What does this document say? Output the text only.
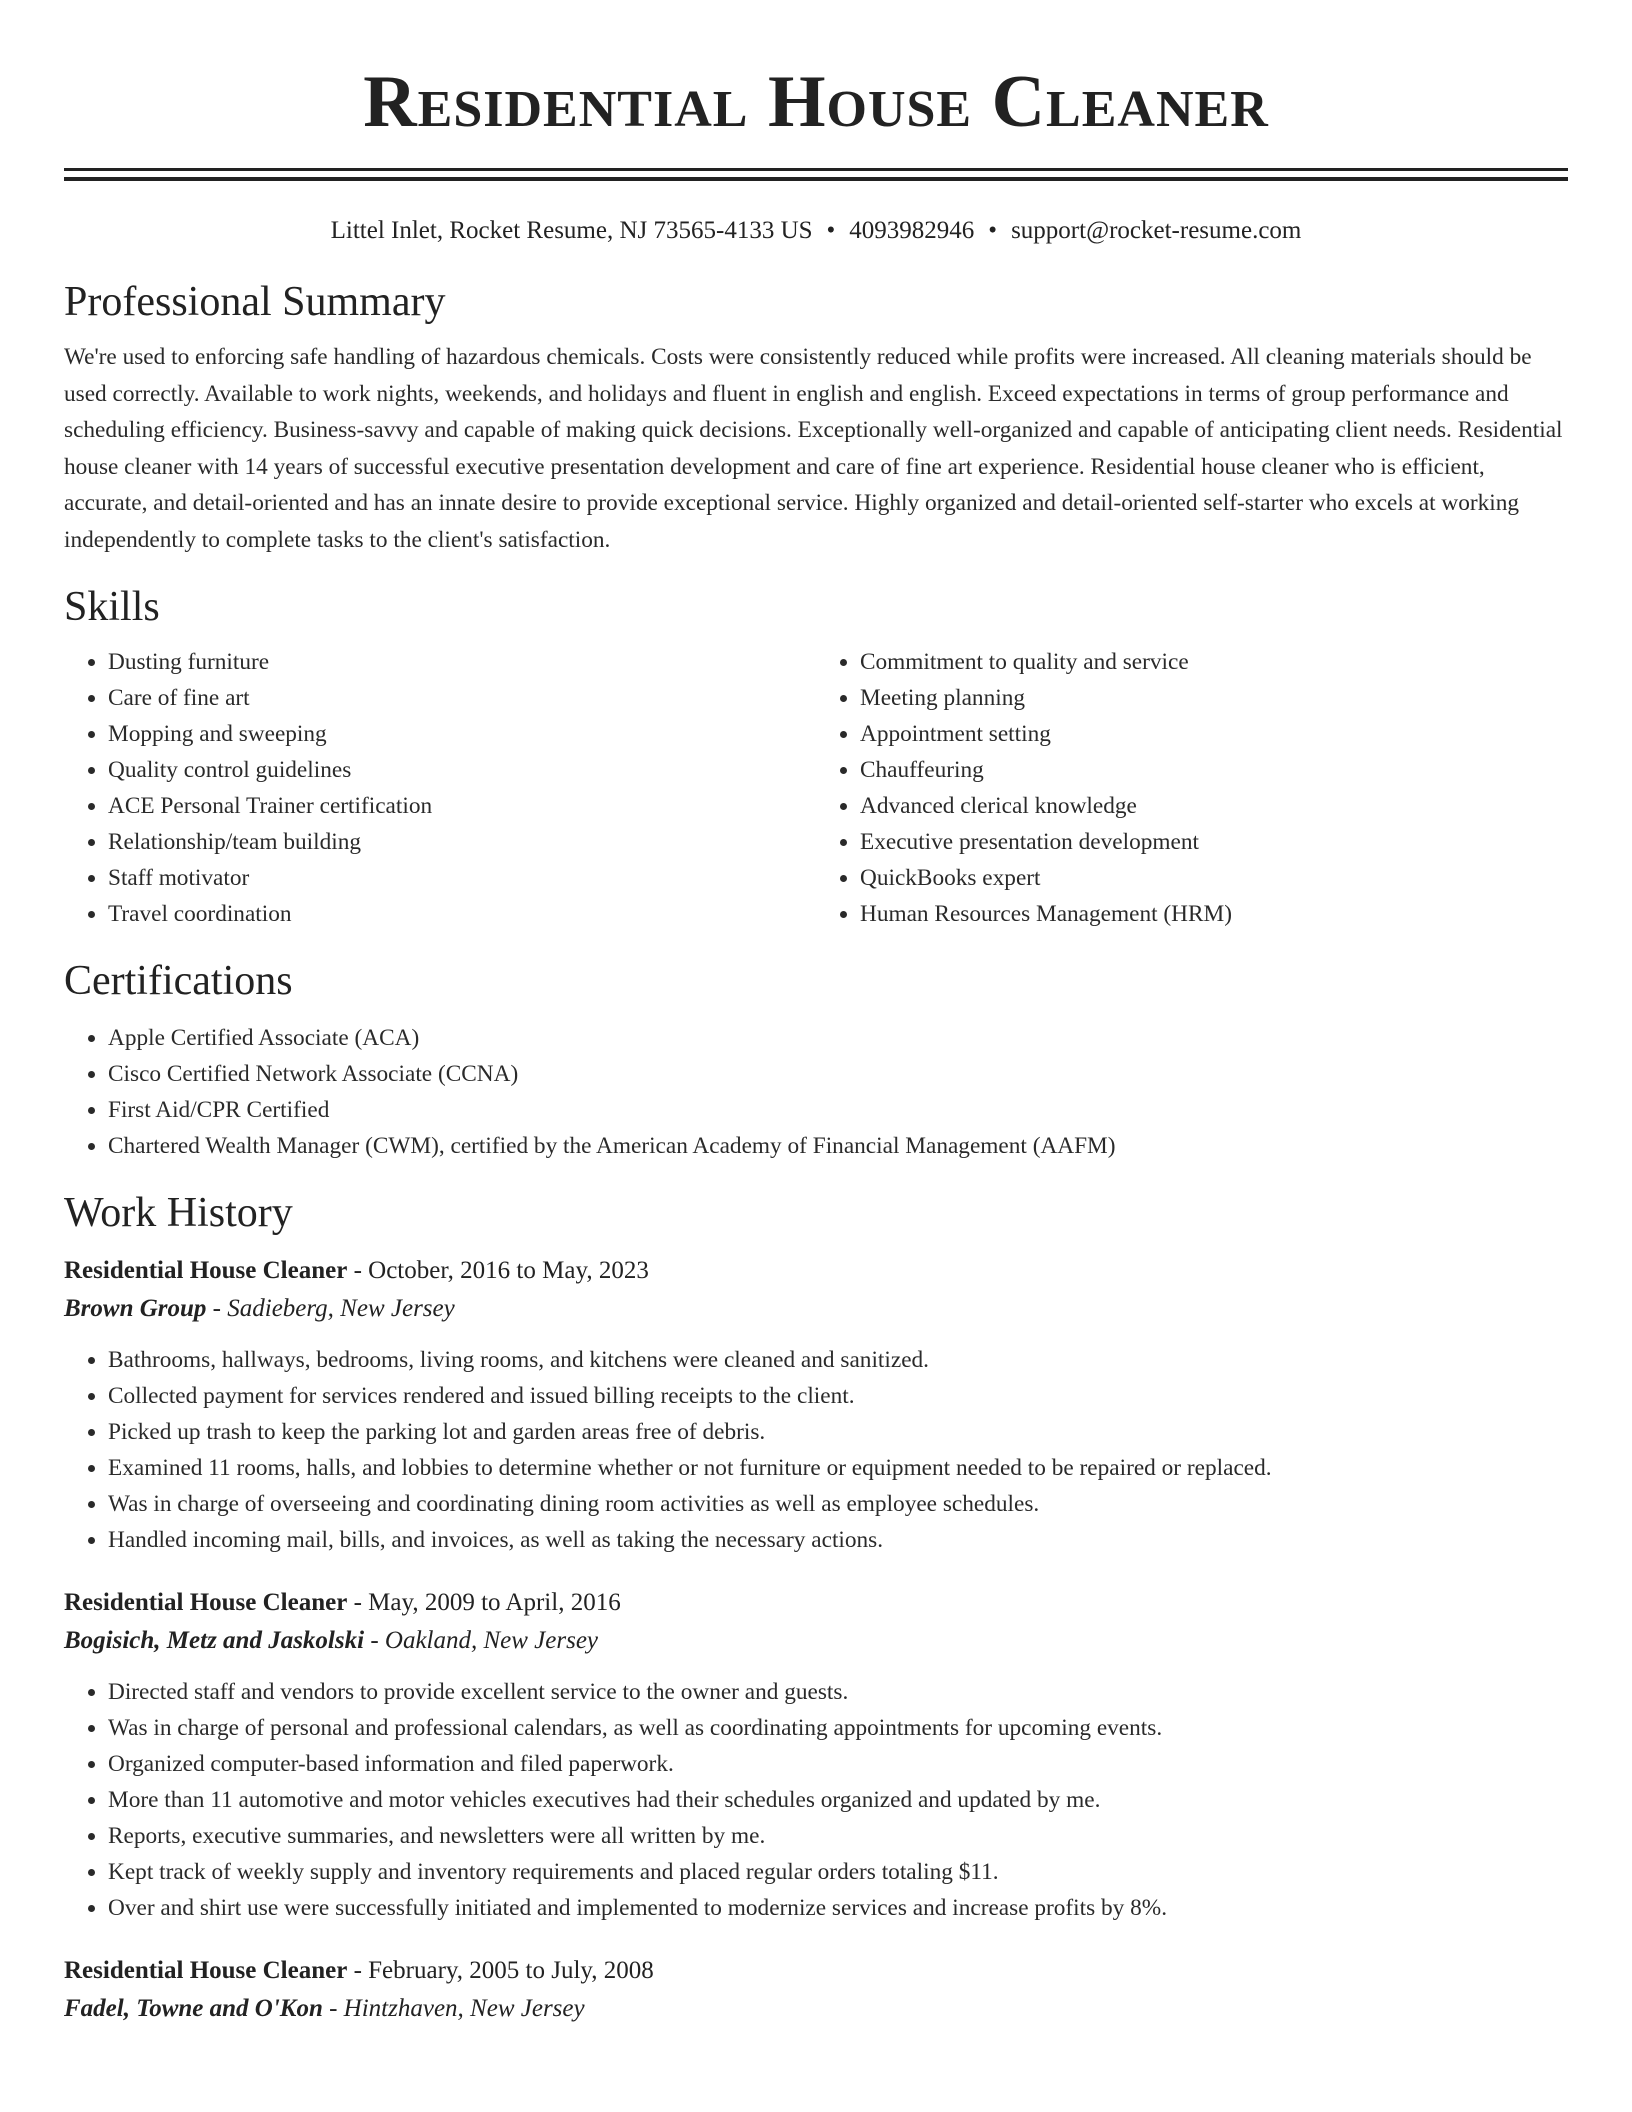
Residential House Cleaner
Littel Inlet, Rocket Resume, NJ 73565-4133 US • 4093982946 • support@rocket-resume.com
Professional Summary
We're used to enforcing safe handling of hazardous chemicals. Costs were consistently reduced while profits were increased. All cleaning materials should be used correctly. Available to work nights, weekends, and holidays and fluent in english and english. Exceed expectations in terms of group performance and scheduling efficiency. Business-savvy and capable of making quick decisions. Exceptionally well-organized and capable of anticipating client needs. Residential house cleaner with 14 years of successful executive presentation development and care of fine art experience. Residential house cleaner who is efficient, accurate, and detail-oriented and has an innate desire to provide exceptional service. Highly organized and detail-oriented self-starter who excels at working independently to complete tasks to the client's satisfaction.
Skills
• Dusting furniture
• Care of fine art
• Mopping and sweeping
• Quality control guidelines
• ACE Personal Trainer certification
• Relationship/team building
• Staff motivator
• Travel coordination
• Commitment to quality and service
• Meeting planning
• Appointment setting
• Chauffeuring
• Advanced clerical knowledge
• Executive presentation development
• QuickBooks expert
• Human Resources Management (HRM)
Certifications
• Apple Certified Associate (ACA)
• Cisco Certified Network Associate (CCNA)
• First Aid/CPR Certified
• Chartered Wealth Manager (CWM), certified by the American Academy of Financial Management (AAFM)
Work History
Residential House Cleaner - October, 2016 to May, 2023
Brown Group - Sadieberg, New Jersey
• Bathrooms, hallways, bedrooms, living rooms, and kitchens were cleaned and sanitized.
• Collected payment for services rendered and issued billing receipts to the client.
• Picked up trash to keep the parking lot and garden areas free of debris.
• Examined 11 rooms, halls, and lobbies to determine whether or not furniture or equipment needed to be repaired or replaced.
• Was in charge of overseeing and coordinating dining room activities as well as employee schedules.
• Handled incoming mail, bills, and invoices, as well as taking the necessary actions.
Residential House Cleaner - May, 2009 to April, 2016
Bogisich, Metz and Jaskolski - Oakland, New Jersey
• Directed staff and vendors to provide excellent service to the owner and guests.
• Was in charge of personal and professional calendars, as well as coordinating appointments for upcoming events.
• Organized computer-based information and filed paperwork.
• More than 11 automotive and motor vehicles executives had their schedules organized and updated by me.
• Reports, executive summaries, and newsletters were all written by me.
• Kept track of weekly supply and inventory requirements and placed regular orders totaling $11.
• Over and shirt use were successfully initiated and implemented to modernize services and increase profits by 8%.
Residential House Cleaner - February, 2005 to July, 2008
Fadel, Towne and O'Kon - Hintzhaven, New Jersey
